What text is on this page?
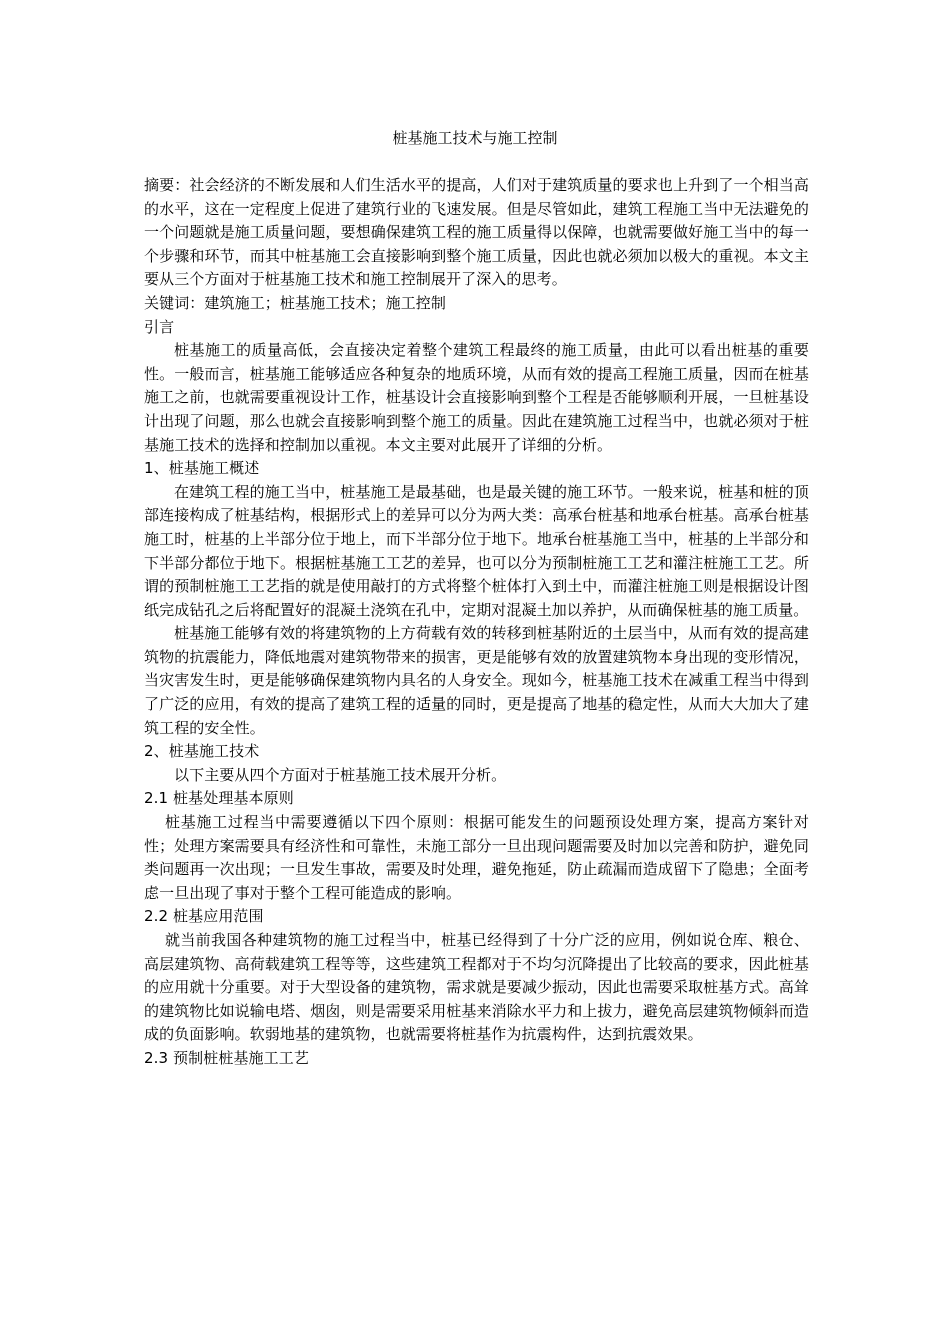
桩基施工技术与施工控制

摘要：社会经济的不断发展和人们生活水平的提高，人们对于建筑质量的要求也上升到了一个相当高的水平，这在一定程度上促进了建筑行业的飞速发展。但是尽管如此，建筑工程施工当中无法避免的一个问题就是施工质量问题，要想确保建筑工程的施工质量得以保障，也就需要做好施工当中的每一个步骤和环节，而其中桩基施工会直接影响到整个施工质量，因此也就必须加以极大的重视。本文主要从三个方面对于桩基施工技术和施工控制展开了深入的思考。

关键词：建筑施工；桩基施工技术；施工控制

引言

桩基施工的质量高低，会直接决定着整个建筑工程最终的施工质量，由此可以看出桩基的重要性。一般而言，桩基施工能够适应各种复杂的地质环境，从而有效的提高工程施工质量，因而在桩基施工之前，也就需要重视设计工作，桩基设计会直接影响到整个工程是否能够顺利开展，一旦桩基设计出现了问题，那么也就会直接影响到整个施工的质量。因此在建筑施工过程当中，也就必须对于桩基施工技术的选择和控制加以重视。本文主要对此展开了详细的分析。

1、桩基施工概述

在建筑工程的施工当中，桩基施工是最基础，也是最关键的施工环节。一般来说，桩基和桩的顶部连接构成了桩基结构，根据形式上的差异可以分为两大类：高承台桩基和地承台桩基。高承台桩基施工时，桩基的上半部分位于地上，而下半部分位于地下。地承台桩基施工当中，桩基的上半部分和下半部分都位于地下。根据桩基施工工艺的差异，也可以分为预制桩施工工艺和灌注桩施工工艺。所谓的预制桩施工工艺指的就是使用敲打的方式将整个桩体打入到土中，而灌注桩施工则是根据设计图纸完成钻孔之后将配置好的混凝土浇筑在孔中，定期对混凝土加以养护，从而确保桩基的施工质量。

桩基施工能够有效的将建筑物的上方荷载有效的转移到桩基附近的土层当中，从而有效的提高建筑物的抗震能力，降低地震对建筑物带来的损害，更是能够有效的放置建筑物本身出现的变形情况，当灾害发生时，更是能够确保建筑物内具名的人身安全。现如今，桩基施工技术在减重工程当中得到了广泛的应用，有效的提高了建筑工程的适量的同时，更是提高了地基的稳定性，从而大大加大了建筑工程的安全性。

2、桩基施工技术

以下主要从四个方面对于桩基施工技术展开分析。

2.1 桩基处理基本原则

桩基施工过程当中需要遵循以下四个原则：根据可能发生的问题预设处理方案，提高方案针对性；处理方案需要具有经济性和可靠性，未施工部分一旦出现问题需要及时加以完善和防护，避免同类问题再一次出现；一旦发生事故，需要及时处理，避免拖延，防止疏漏而造成留下了隐患；全面考虑一旦出现了事对于整个工程可能造成的影响。

2.2 桩基应用范围

就当前我国各种建筑物的施工过程当中，桩基已经得到了十分广泛的应用，例如说仓库、粮仓、高层建筑物、高荷载建筑工程等等，这些建筑工程都对于不均匀沉降提出了比较高的要求，因此桩基的应用就十分重要。对于大型设备的建筑物，需求就是要减少振动，因此也需要采取桩基方式。高耸的建筑物比如说输电塔、烟囱，则是需要采用桩基来消除水平力和上拔力，避免高层建筑物倾斜而造成的负面影响。软弱地基的建筑物，也就需要将桩基作为抗震构件，达到抗震效果。

2.3 预制桩桩基施工工艺
